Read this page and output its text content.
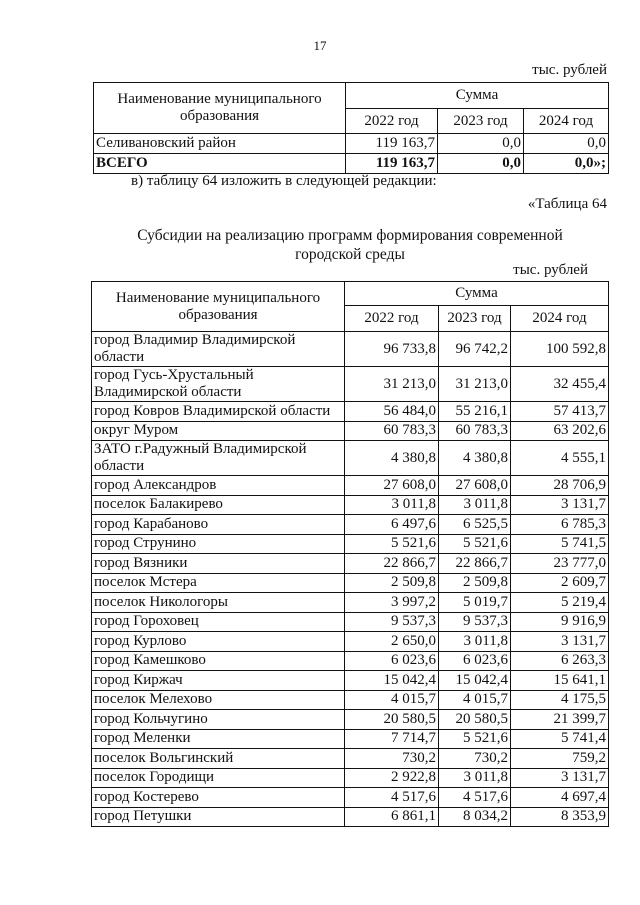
17
тыс. рублей
Наименование муниципального образования	Сумма		
	2022 год	2023 год	2024 год
Селивановский район	119 163,7	0,0	0,0
ВСЕГО	119 163,7	0,0	0,0»;
в) таблицу 64 изложить в следующей редакции:
«Таблица 64
Субсидии на реализацию программ формирования современной
городской среды
тыс. рублей
Наименование муниципального образования	Сумма		
	2022 год	2023 год	2024 год
город Владимир Владимирской области	96 733,8	96 742,2	100 592,8
город Гусь-Хрустальный Владимирской области	31 213,0	31 213,0	32 455,4
город Ковров Владимирской области	56 484,0	55 216,1	57 413,7
округ Муром	60 783,3	60 783,3	63 202,6
ЗАТО г.Радужный Владимирской области	4 380,8	4 380,8	4 555,1
город Александров	27 608,0	27 608,0	28 706,9
поселок Балакирево	3 011,8	3 011,8	3 131,7
город Карабаново	6 497,6	6 525,5	6 785,3
город Струнино	5 521,6	5 521,6	5 741,5
город Вязники	22 866,7	22 866,7	23 777,0
поселок Мстера	2 509,8	2 509,8	2 609,7
поселок Никологоры	3 997,2	5 019,7	5 219,4
город Гороховец	9 537,3	9 537,3	9 916,9
город Курлово	2 650,0	3 011,8	3 131,7
город Камешково	6 023,6	6 023,6	6 263,3
город Киржач	15 042,4	15 042,4	15 641,1
поселок Мелехово	4 015,7	4 015,7	4 175,5
город Кольчугино	20 580,5	20 580,5	21 399,7
город Меленки	7 714,7	5 521,6	5 741,4
поселок Вольгинский	730,2	730,2	759,2
поселок Городищи	2 922,8	3 011,8	3 131,7
город Костерево	4 517,6	4 517,6	4 697,4
город Петушки	6 861,1	8 034,2	8 353,9
